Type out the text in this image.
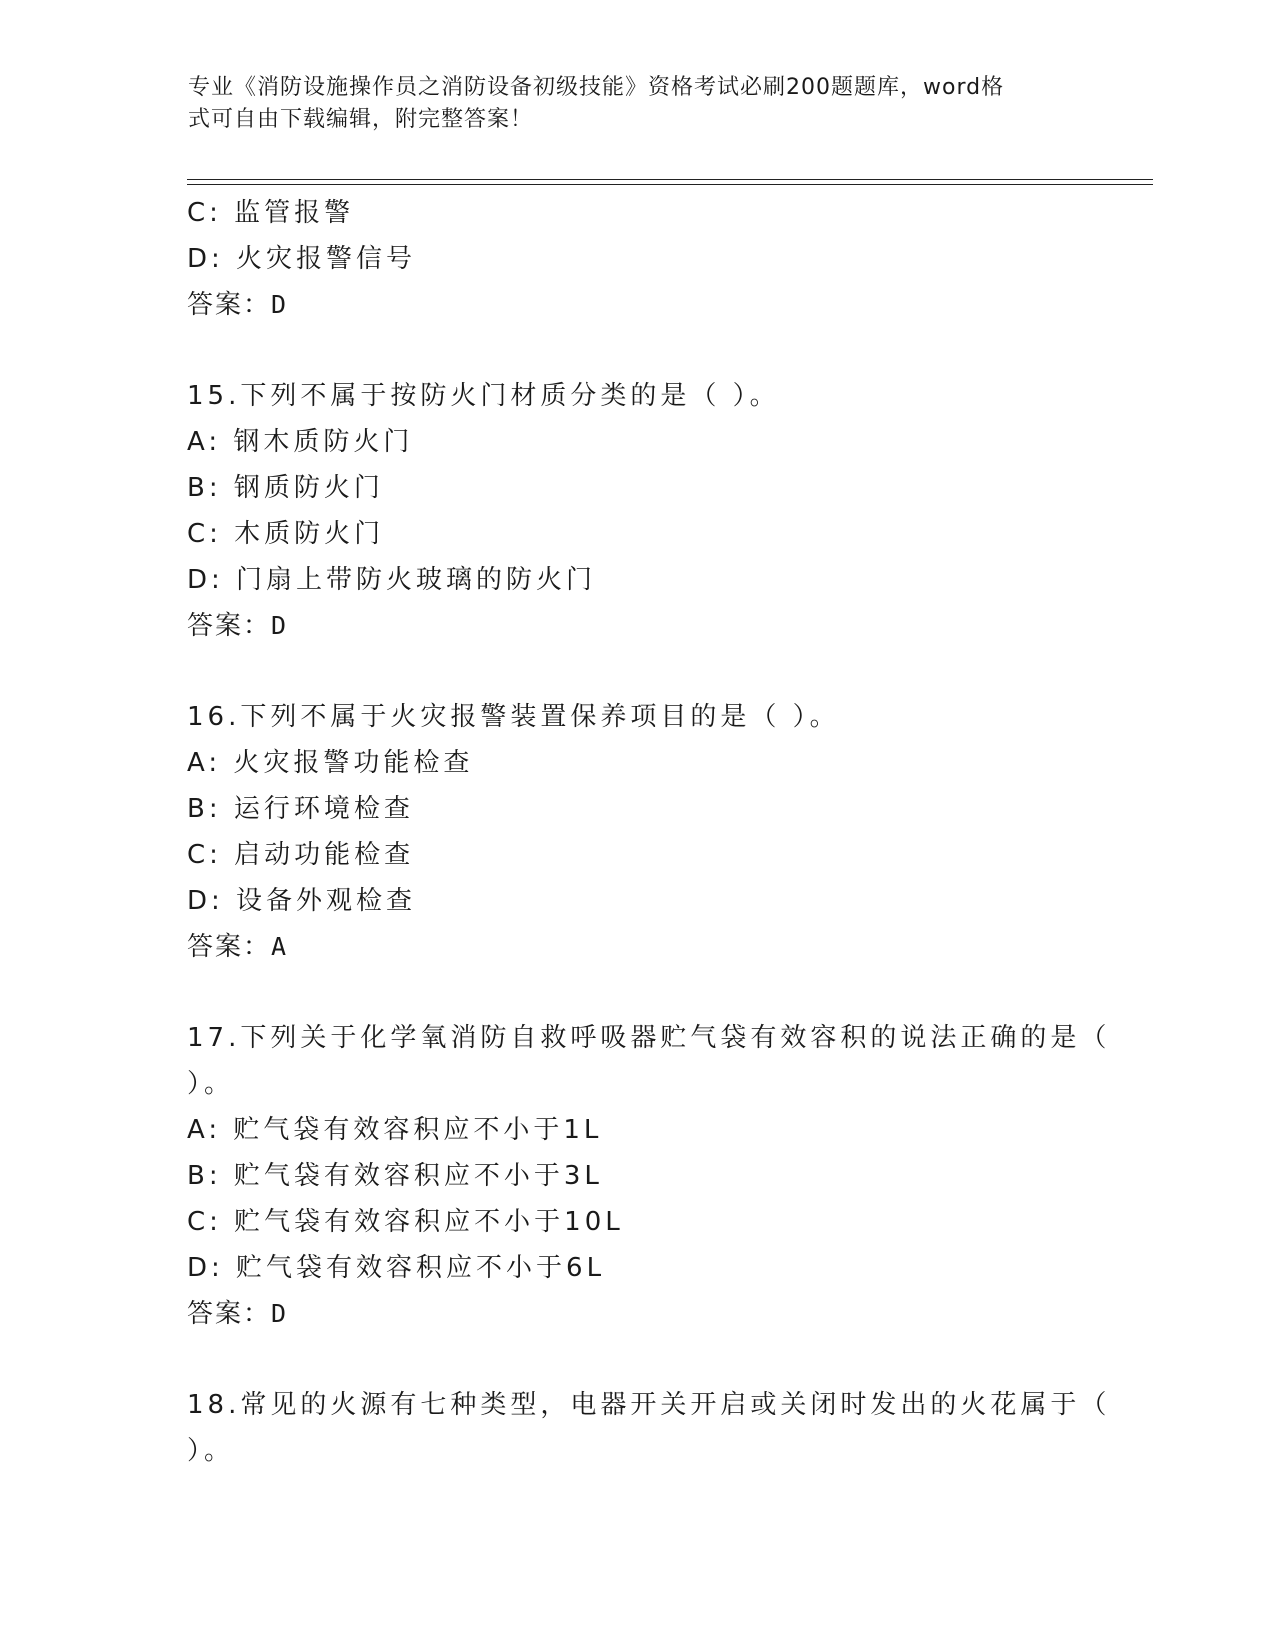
专业《消防设施操作员之消防设备初级技能》资格考试必刷200题题库，word格

式可自由下载编辑，附完整答案！

C: 监管报警
D: 火灾报警信号
答案：D
15.下列不属于按防火门材质分类的是（ ）。
A: 钢木质防火门
B: 钢质防火门
C: 木质防火门
D: 门扇上带防火玻璃的防火门
答案：D
16.下列不属于火灾报警装置保养项目的是（ ）。
A: 火灾报警功能检查
B: 运行环境检查
C: 启动功能检查
D: 设备外观检查
答案：A
17.下列关于化学氧消防自救呼吸器贮气袋有效容积的说法正确的是（
）。
A: 贮气袋有效容积应不小于1L
B: 贮气袋有效容积应不小于3L
C: 贮气袋有效容积应不小于10L
D: 贮气袋有效容积应不小于6L
答案：D
18.常见的火源有七种类型，电器开关开启或关闭时发出的火花属于（
）。
